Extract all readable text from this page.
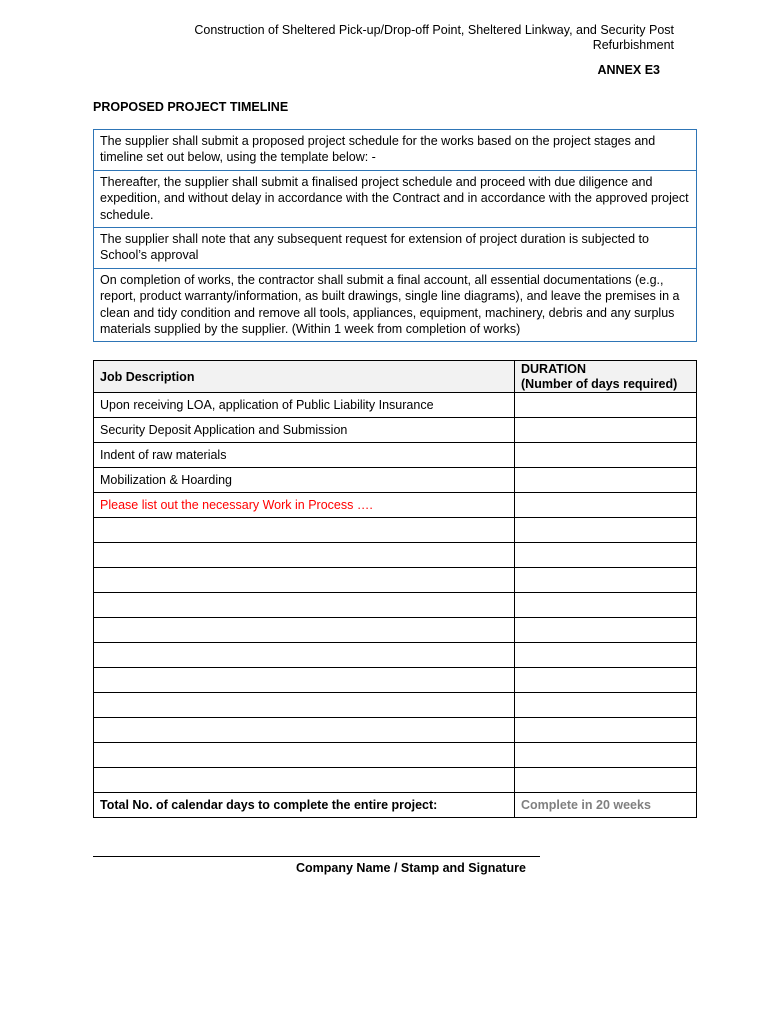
Construction of Sheltered Pick-up/Drop-off Point, Sheltered Linkway, and Security Post
Refurbishment
ANNEX E3
PROPOSED PROJECT TIMELINE
The supplier shall submit a proposed project schedule for the works based on the project stages and timeline set out below, using the template below: -
Thereafter, the supplier shall submit a finalised project schedule and proceed with due diligence and expedition, and without delay in accordance with the Contract and in accordance with the approved project schedule.
The supplier shall note that any subsequent request for extension of project duration is subjected to School’s approval
On completion of works, the contractor shall submit a final account, all essential documentations (e.g., report, product warranty/information, as built drawings, single line diagrams), and leave the premises in a clean and tidy condition and remove all tools, appliances, equipment, machinery, debris and any surplus materials supplied by the supplier. (Within 1 week from completion of works)
Job Description	DURATION
(Number of days required)

Upon receiving LOA, application of Public Liability Insurance	
Security Deposit Application and Submission	
Indent of raw materials	
Mobilization & Hoarding	
Please list out the necessary Work in Process ….	

Total No. of calendar days to complete the entire project:	Complete in 20 weeks
Company Name / Stamp and Signature
